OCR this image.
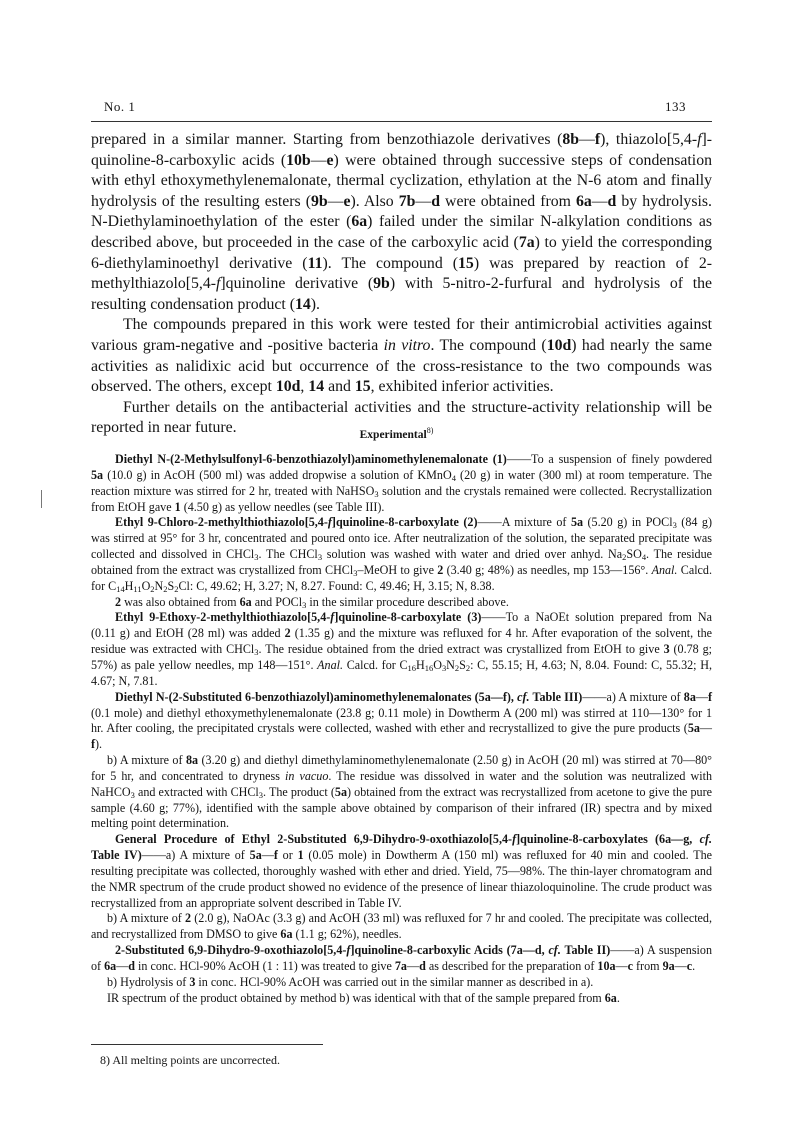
No. 1	133

prepared in a similar manner. Starting from benzothiazole derivatives (8b—f), thiazolo[5,4-f]-quinoline-8-carboxylic acids (10b—e) were obtained through successive steps of condensation with ethyl ethoxymethylenemalonate, thermal cyclization, ethylation at the N-6 atom and finally hydrolysis of the resulting esters (9b—e). Also 7b—d were obtained from 6a—d by hydrolysis. N-Diethylaminoethylation of the ester (6a) failed under the similar N-alkylation conditions as described above, but proceeded in the case of the carboxylic acid (7a) to yield the corresponding 6-diethylaminoethyl derivative (11). The compound (15) was prepared by reaction of 2-methylthiazolo[5,4-f]quinoline derivative (9b) with 5-nitro-2-furfural and hydrolysis of the resulting condensation product (14).

The compounds prepared in this work were tested for their antimicrobial activities against various gram-negative and -positive bacteria in vitro. The compound (10d) had nearly the same activities as nalidixic acid but occurrence of the cross-resistance to the two compounds was observed. The others, except 10d, 14 and 15, exhibited inferior activities.

Further details on the antibacterial activities and the structure-activity relationship will be reported in near future.	Experimental$^{8)}$

Diethyl N-(2-Methylsulfonyl-6-benzothiazolyl)aminomethylenemalonate (1)——To a suspension of finely powdered 5a (10.0 g) in AcOH (500 ml) was added dropwise a solution of KMnO$_4$ (20 g) in water (300 ml) at room temperature. The reaction mixture was stirred for 2 hr, treated with NaHSO$_3$ solution and the crystals remained were collected. Recrystallization from EtOH gave 1 (4.50 g) as yellow needles (see Table III).

Ethyl 9-Chloro-2-methylthiothiazolo[5,4-f]quinoline-8-carboxylate (2)——A mixture of 5a (5.20 g) in POCl$_3$ (84 g) was stirred at 95° for 3 hr, concentrated and poured onto ice. After neutralization of the solution, the separated precipitate was collected and dissolved in CHCl$_3$. The CHCl$_3$ solution was washed with water and dried over anhyd. $Na_2SO_4$. The residue obtained from the extract was crystallized from CHCl$_3$–MeOH to give 2 (3.40 g; 48%) as needles, mp 153—156°. Anal. Calcd. for $C_{14}H_{11}O_2N_2S_2Cl$: C, 49.62; H, 3.27; N, 8.27. Found: C, 49.46; H, 3.15; N, 8.38.

2 was also obtained from 6a and POCl$_3$ in the similar procedure described above.

Ethyl 9-Ethoxy-2-methylthiothiazolo[5,4-f]quinoline-8-carboxylate (3)——To a NaOEt solution prepared from Na (0.11 g) and EtOH (28 ml) was added 2 (1.35 g) and the mixture was refluxed for 4 hr. After evaporation of the solvent, the residue was extracted with CHCl$_3$. The residue obtained from the dried extract was crystallized from EtOH to give 3 (0.78 g; 57%) as pale yellow needles, mp 148—151°. Anal. Calcd. for $C_{16}H_{16}O_3N_2S_2$: C, 55.15; H, 4.63; N, 8.04. Found: C, 55.32; H, 4.67; N, 7.81.

Diethyl N-(2-Substituted 6-benzothiazolyl)aminomethylenemalonates (5a—f), cf. Table III)——a) A mixture of 8a—f (0.1 mole) and diethyl ethoxymethylenemalonate (23.8 g; 0.11 mole) in Dowtherm A (200 ml) was stirred at 110—130° for 1 hr. After cooling, the precipitated crystals were collected, washed with ether and recrystallized to give the pure products (5a—f).

b) A mixture of 8a (3.20 g) and diethyl dimethylaminomethylenemalonate (2.50 g) in AcOH (20 ml) was stirred at 70—80° for 5 hr, and concentrated to dryness in vacuo. The residue was dissolved in water and the solution was neutralized with NaHCO$_3$ and extracted with CHCl$_3$. The product (5a) obtained from the extract was recrystallized from acetone to give the pure sample (4.60 g; 77%), identified with the sample above obtained by comparison of their infrared (IR) spectra and by mixed melting point determination.

General Procedure of Ethyl 2-Substituted 6,9-Dihydro-9-oxothiazolo[5,4-f]quinoline-8-carboxylates (6a—g, cf. Table IV)——a) A mixture of 5a—f or 1 (0.05 mole) in Dowtherm A (150 ml) was refluxed for 40 min and cooled. The resulting precipitate was collected, thoroughly washed with ether and dried. Yield, 75—98%. The thin-layer chromatogram and the NMR spectrum of the crude product showed no evidence of the presence of linear thiazoloquinoline. The crude product was recrystallized from an appropriate solvent described in Table IV.

b) A mixture of 2 (2.0 g), NaOAc (3.3 g) and AcOH (33 ml) was refluxed for 7 hr and cooled. The precipitate was collected, and recrystallized from DMSO to give 6a (1.1 g; 62%), needles.

2-Substituted 6,9-Dihydro-9-oxothiazolo[5,4-f]quinoline-8-carboxylic Acids (7a—d, cf. Table II)——a) A suspension of 6a—d in conc. HCl-90% AcOH (1 : 11) was treated to give 7a—d as described for the preparation of 10a—c from 9a—c.

b) Hydrolysis of 3 in conc. HCl-90% AcOH was carried out in the similar manner as described in a).

IR spectrum of the product obtained by method b) was identical with that of the sample prepared from 6a.

8) All melting points are uncorrected.
